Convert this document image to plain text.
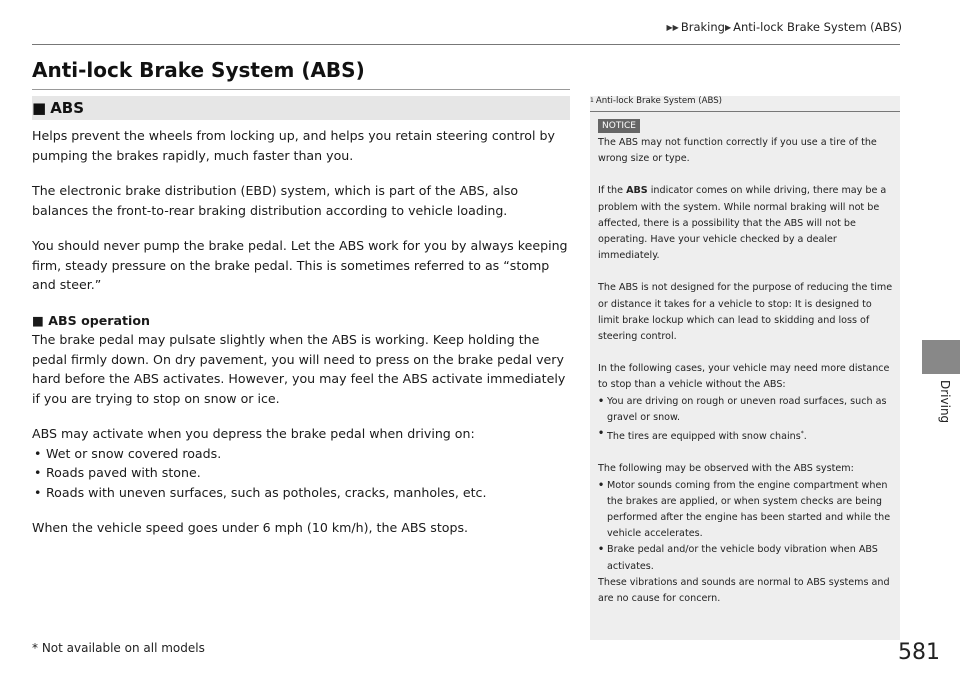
▶▶ Braking▶ Anti-lock Brake System (ABS)
Anti-lock Brake System (ABS)
■ ABS

Helps prevent the wheels from locking up, and helps you retain steering control by pumping the brakes rapidly, much faster than you.

The electronic brake distribution (EBD) system, which is part of the ABS, also balances the front-to-rear braking distribution according to vehicle loading.

You should never pump the brake pedal. Let the ABS work for you by always keeping firm, steady pressure on the brake pedal. This is sometimes referred to as “stomp and steer.”

■ ABS operation

The brake pedal may pulsate slightly when the ABS is working. Keep holding the pedal firmly down. On dry pavement, you will need to press on the brake pedal very hard before the ABS activates. However, you may feel the ABS activate immediately if you are trying to stop on snow or ice.

ABS may activate when you depress the brake pedal when driving on:

• Wet or snow covered roads.
• Roads paved with stone.
• Roads with uneven surfaces, such as potholes, cracks, manholes, etc.

When the vehicle speed goes under 6 mph (10 km/h), the ABS stops.

1 Anti-lock Brake System (ABS)
NOTICE

The ABS may not function correctly if you use a tire of the wrong size or type.

If the ABS indicator comes on while driving, there may be a problem with the system. While normal braking will not be affected, there is a possibility that the ABS will not be operating. Have your vehicle checked by a dealer immediately.

The ABS is not designed for the purpose of reducing the time or distance it takes for a vehicle to stop: It is designed to limit brake lockup which can lead to skidding and loss of steering control.

In the following cases, your vehicle may need more distance to stop than a vehicle without the ABS:

• You are driving on rough or uneven road surfaces, such as gravel or snow.
• The tires are equipped with snow chains*.

The following may be observed with the ABS system:

• Motor sounds coming from the engine compartment when the brakes are applied, or when system checks are being performed after the engine has been started and while the vehicle accelerates.
• Brake pedal and/or the vehicle body vibration when ABS activates.

These vibrations and sounds are normal to ABS systems and are no cause for concern.

* Not available on all models	581
Driving
